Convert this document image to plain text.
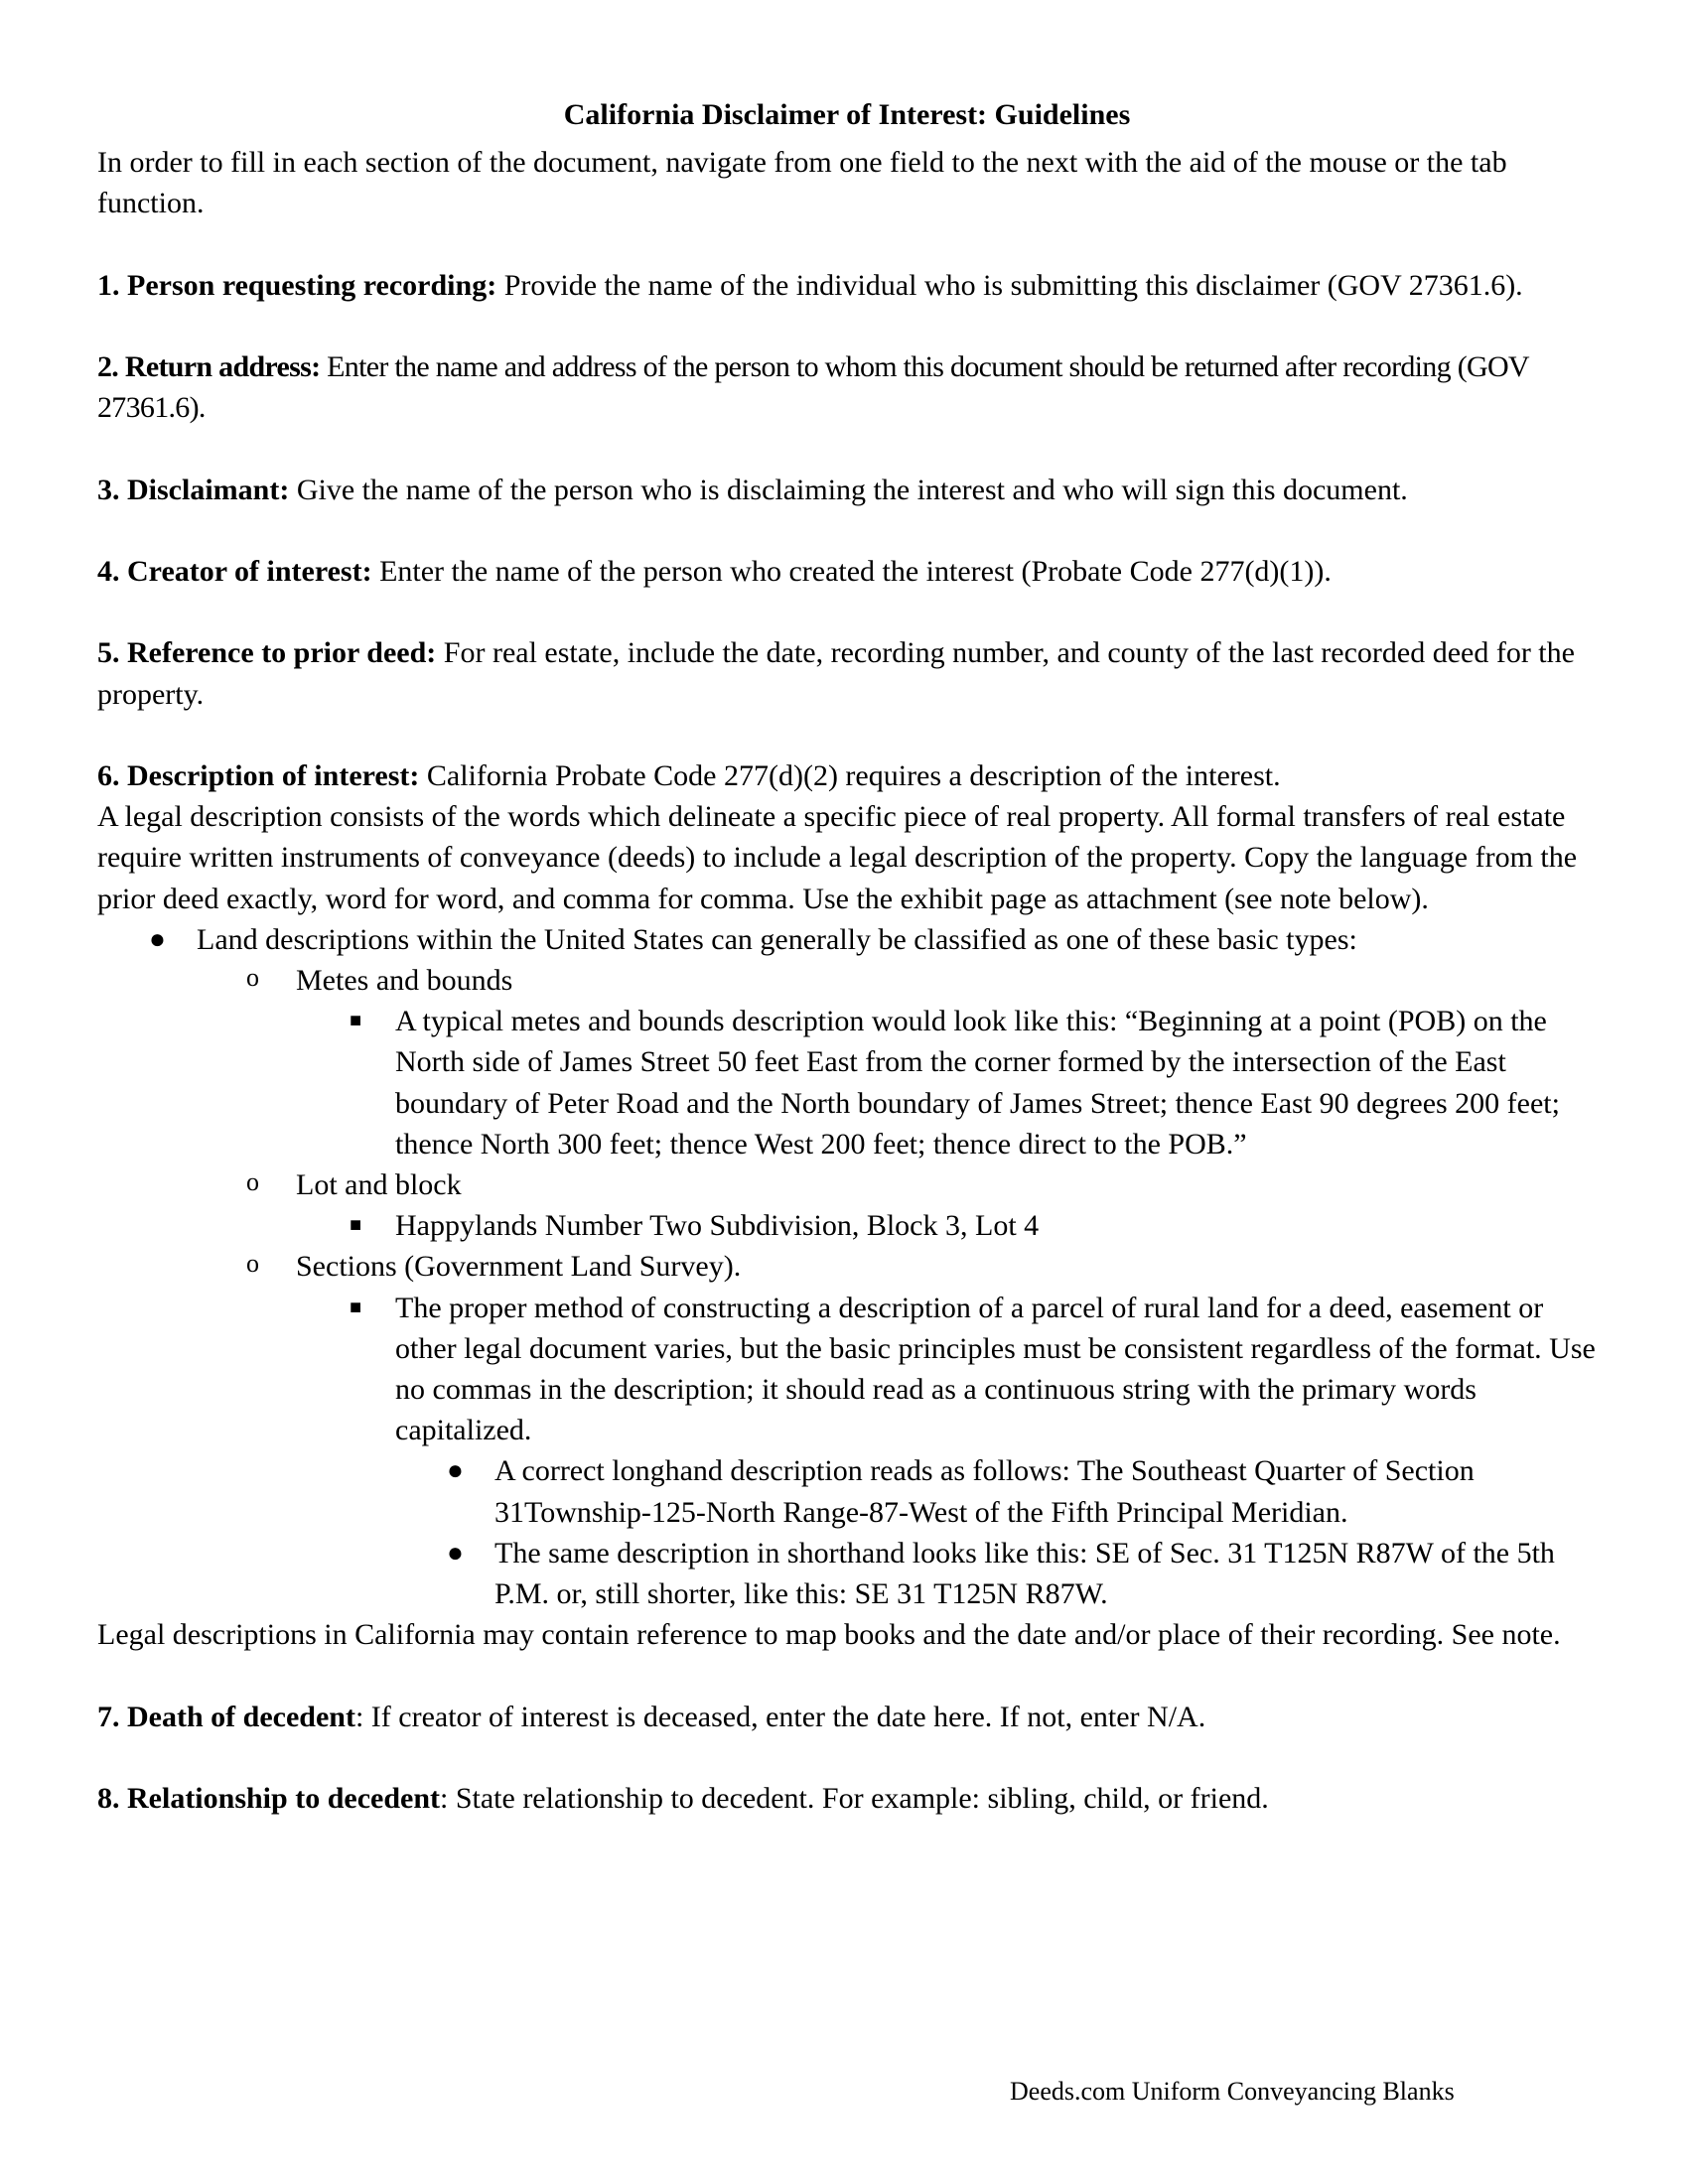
California Disclaimer of Interest: Guidelines

In order to fill in each section of the document, navigate from one field to the next with the aid of the mouse or the tab function.

1. Person requesting recording: Provide the name of the individual who is submitting this disclaimer (GOV 27361.6).

2. Return address: Enter the name and address of the person to whom this document should be returned after recording (GOV 27361.6).

3. Disclaimant: Give the name of the person who is disclaiming the interest and who will sign this document.

4. Creator of interest: Enter the name of the person who created the interest (Probate Code 277(d)(1)).

5. Reference to prior deed: For real estate, include the date, recording number, and county of the last recorded deed for the property.

6. Description of interest: California Probate Code 277(d)(2) requires a description of the interest.

A legal description consists of the words which delineate a specific piece of real property. All formal transfers of real estate require written instruments of conveyance (deeds) to include a legal description of the property. Copy the language from the prior deed exactly, word for word, and comma for comma. Use the exhibit page as attachment (see note below).

● Land descriptions within the United States can generally be classified as one of these basic types:
o Metes and bounds
■ A typical metes and bounds description would look like this: “Beginning at a point (POB) on the North side of James Street 50 feet East from the corner formed by the intersection of the East boundary of Peter Road and the North boundary of James Street; thence East 90 degrees 200 feet; thence North 300 feet; thence West 200 feet; thence direct to the POB.”
o Lot and block
■ Happylands Number Two Subdivision, Block 3, Lot 4
o Sections (Government Land Survey).
■ The proper method of constructing a description of a parcel of rural land for a deed, easement or other legal document varies, but the basic principles must be consistent regardless of the format. Use no commas in the description; it should read as a continuous string with the primary words capitalized.
● A correct longhand description reads as follows: The Southeast Quarter of Section 31Township-125-North Range-87-West of the Fifth Principal Meridian.
● The same description in shorthand looks like this: SE of Sec. 31 T125N R87W of the 5th P.M. or, still shorter, like this: SE 31 T125N R87W.

Legal descriptions in California may contain reference to map books and the date and/or place of their recording. See note.

7. Death of decedent: If creator of interest is deceased, enter the date here. If not, enter N/A.

8. Relationship to decedent: State relationship to decedent. For example: sibling, child, or friend.

Deeds.com Uniform Conveyancing Blanks
